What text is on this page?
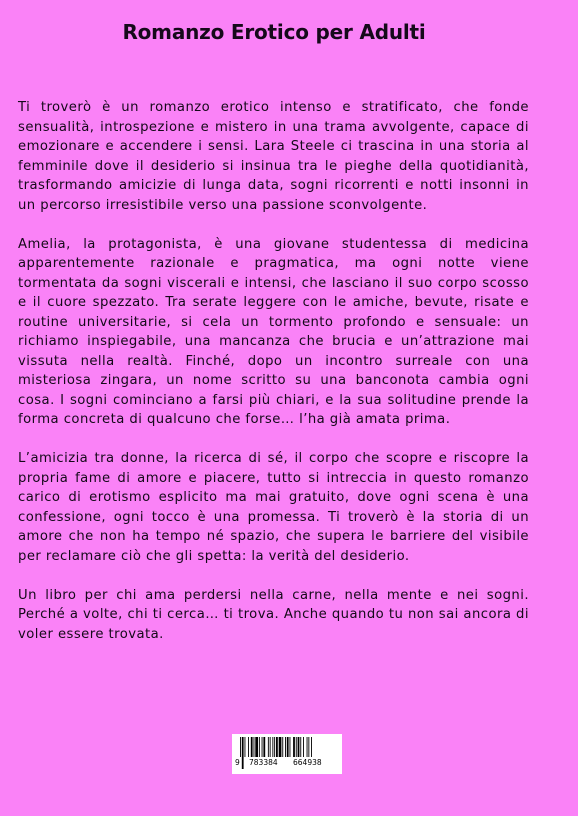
Romanzo Erotico per Adulti

Ti troverò è un romanzo erotico intenso e stratificato, che fonde sensualità, introspezione e mistero in una trama avvolgente, capace di emozionare e accendere i sensi. Lara Steele ci trascina in una storia al femminile dove il desiderio si insinua tra le pieghe della quotidianità, trasformando amicizie di lunga data, sogni ricorrenti e notti insonni in un percorso irresistibile verso una passione sconvolgente.

Amelia, la protagonista, è una giovane studentessa di medicina apparentemente razionale e pragmatica, ma ogni notte viene tormentata da sogni viscerali e intensi, che lasciano il suo corpo scosso e il cuore spezzato. Tra serate leggere con le amiche, bevute, risate e routine universitarie, si cela un tormento profondo e sensuale: un richiamo inspiegabile, una mancanza che brucia e un’attrazione mai vissuta nella realtà. Finché, dopo un incontro surreale con una misteriosa zingara, un nome scritto su una banconota cambia ogni cosa. I sogni cominciano a farsi più chiari, e la sua solitudine prende la forma concreta di qualcuno che forse… l’ha già amata prima.

L’amicizia tra donne, la ricerca di sé, il corpo che scopre e riscopre la propria fame di amore e piacere, tutto si intreccia in questo romanzo carico di erotismo esplicito ma mai gratuito, dove ogni scena è una confessione, ogni tocco è una promessa. Ti troverò è la storia di un amore che non ha tempo né spazio, che supera le barriere del visibile per reclamare ciò che gli spetta: la verità del desiderio.

Un libro per chi ama perdersi nella carne, nella mente e nei sogni. Perché a volte, chi ti cerca… ti trova. Anche quando tu non sai ancora di voler essere trovata.

9 783384 664938
